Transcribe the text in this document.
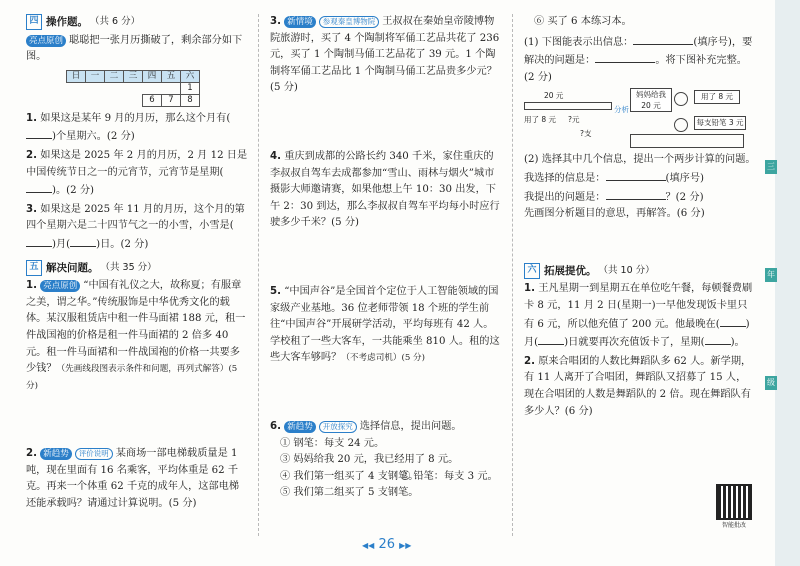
四 操作题。 （共 6 分）
亮点原创 聪聪把一张月历撕破了，剩余部分如下图。
日	一	二	三	四	五	六
						1
				6	7	8
1. 如果这是某年 9 月的月历，那么这个月有()个星期六。(2 分)
2. 如果这是 2025 年 2 月的月历，2 月 12 日是中国传统节日之一的元宵节，元宵节是星期()。(2 分)
3. 如果这是 2025 年 11 月的月历，这个月的第四个星期六是二十四节气之一的小雪，小雪是()月(	)日。(2 分)
五 解决问题。 （共 35 分）
1. 亮点原创 “中国有礼仪之大，故称夏；有服章之美，谓之华。”传统服饰是中华优秀文化的载体。某汉服租赁店中租一件马面裙 188 元，租一件战国袍的价格是租一件马面裙的 2 倍多 40 元。租一件马面裙和一件战国袍的价格一共要多少钱？（先画线段图表示条件和问题，再列式解答）(5 分)
2. 新趋势 评价说明 某商场一部电梯载质量是 1 吨，现在里面有 16 名乘客，平均体重是 62 千克。再来一个体重 62 千克的成年人，这部电梯还能承载吗？请通过计算说明。(5 分)
3. 新情境 参观秦皇博物院 王叔叔在秦始皇帝陵博物院旅游时，买了 4 个陶制将军俑工艺品共花了 236 元，买了 1 个陶制马俑工艺品花了 39 元。1 个陶制将军俑工艺品比 1 个陶制马俑工艺品贵多少元？(5 分)
4. 重庆到成都的公路长约 340 千米，家住重庆的李叔叔自驾车去成都参加“雪山、雨林与烟火”城市摄影大师邀请赛，如果他想上午 10：30 出发，下午 2：30 到达，那么李叔叔自驾车平均每小时应行驶多少千米？(5 分)
5. “中国声谷”是全国首个定位于人工智能领域的国家级产业基地。36 位老师带领 18 个班的学生前往“中国声谷”开展研学活动，平均每班有 42 人。学校租了一些大客车，一共能乘坐 810 人。租的这些大客车够吗？（不考虑司机）(5 分)
6. 新趋势 开放探究 选择信息，提出问题。
① 钢笔：每支 24 元。
③ 妈妈给我 20 元，我已经用了 8 元。
④ 我们第一组买了 4 支钢笔。
⑤ 我们第二组买了 5 支钢笔。
② 铅笔：每支 3 元。
⑥ 买了 6 本练习本。
(1) 下图能表示出信息：	(填序号)，要解决的问题是：	。将下图补充完整。 (2 分)
20 元
用了 8 元 ?元
?支
分析
妈妈给我 20 元
用了 8 元
每支铅笔 3 元
(2) 选择其中几个信息，提出一个两步计算的问题。
我选择的信息是：	(填序号)
我提出的问题是：	？(2 分)
先画图分析题目的意思，再解答。(6 分)
六 拓展提优。 （共 10 分）
1. 王凡星期一到星期五在单位吃午餐，每顿餐费刷卡 8 元，11 月 2 日(星期一)一早他发现饭卡里只有 6 元，所以他充值了 200 元。他最晚在(	)月(	)日就要再次充值饭卡了，星期(	)。
2. 原来合唱团的人数比舞蹈队多 62 人。新学期，有 11 人离开了合唱团，舞蹈队又招募了 15 人，现在合唱团的人数是舞蹈队的 2 倍。现在舞蹈队有多少人？(6 分)
智能批改
◀◀ 26 ▶▶
三
年
级
